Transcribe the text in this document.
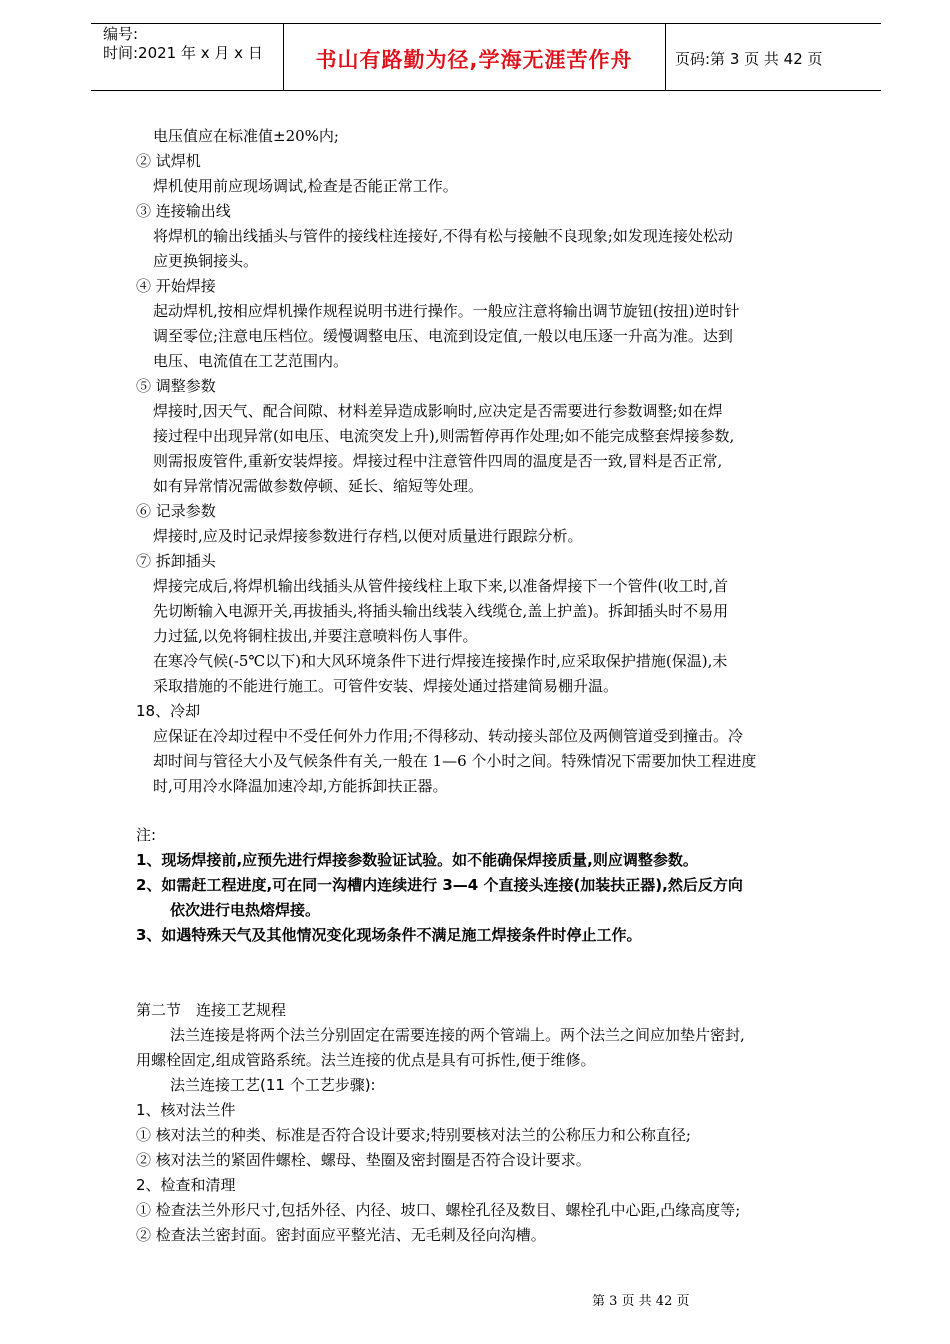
编号:
时间:2021 年 x 月 x 日	书山有路勤为径,学海无涯苦作舟	页码:第 3 页 共 42 页
电压值应在标准值±20%内;
② 试焊机
焊机使用前应现场调试,检查是否能正常工作。
③ 连接输出线
将焊机的输出线插头与管件的接线柱连接好,不得有松与接触不良现象;如发现连接处松动
应更换铜接头。
④ 开始焊接
起动焊机,按相应焊机操作规程说明书进行操作。一般应注意将输出调节旋钮(按扭)逆时针
调至零位;注意电压档位。缓慢调整电压、电流到设定值,一般以电压逐一升高为准。达到
电压、电流值在工艺范围内。
⑤ 调整参数
焊接时,因天气、配合间隙、材料差异造成影响时,应决定是否需要进行参数调整;如在焊
接过程中出现异常(如电压、电流突发上升),则需暂停再作处理;如不能完成整套焊接参数,
则需报废管件,重新安装焊接。焊接过程中注意管件四周的温度是否一致,冒料是否正常,
如有异常情况需做参数停顿、延长、缩短等处理。
⑥ 记录参数
焊接时,应及时记录焊接参数进行存档,以便对质量进行跟踪分析。
⑦ 拆卸插头
焊接完成后,将焊机输出线插头从管件接线柱上取下来,以准备焊接下一个管件(收工时,首
先切断输入电源开关,再拔插头,将插头输出线装入线缆仓,盖上护盖)。拆卸插头时不易用
力过猛,以免将铜柱拔出,并要注意喷料伤人事件。
在寒冷气候(-5℃以下)和大风环境条件下进行焊接连接操作时,应采取保护措施(保温),未
采取措施的不能进行施工。可管件安装、焊接处通过搭建简易棚升温。
18、冷却
应保证在冷却过程中不受任何外力作用;不得移动、转动接头部位及两侧管道受到撞击。冷
却时间与管径大小及气候条件有关,一般在 1—6 个小时之间。特殊情况下需要加快工程进度
时,可用冷水降温加速冷却,方能拆卸扶正器。
注:
1、现场焊接前,应预先进行焊接参数验证试验。如不能确保焊接质量,则应调整参数。
2、如需赶工程进度,可在同一沟槽内连续进行 3—4 个直接头连接(加装扶正器),然后反方向
依次进行电热熔焊接。
3、如遇特殊天气及其他情况变化现场条件不满足施工焊接条件时停止工作。
第二节　连接工艺规程
法兰连接是将两个法兰分别固定在需要连接的两个管端上。两个法兰之间应加垫片密封,
用螺栓固定,组成管路系统。法兰连接的优点是具有可拆性,便于维修。
法兰连接工艺(11 个工艺步骤):
1、核对法兰件
① 核对法兰的种类、标准是否符合设计要求;特别要核对法兰的公称压力和公称直径;
② 核对法兰的紧固件螺栓、螺母、垫圈及密封圈是否符合设计要求。
2、检查和清理
① 检查法兰外形尺寸,包括外径、内径、坡口、螺栓孔径及数目、螺栓孔中心距,凸缘高度等;
② 检查法兰密封面。密封面应平整光洁、无毛刺及径向沟槽。
第 3 页 共 42 页
